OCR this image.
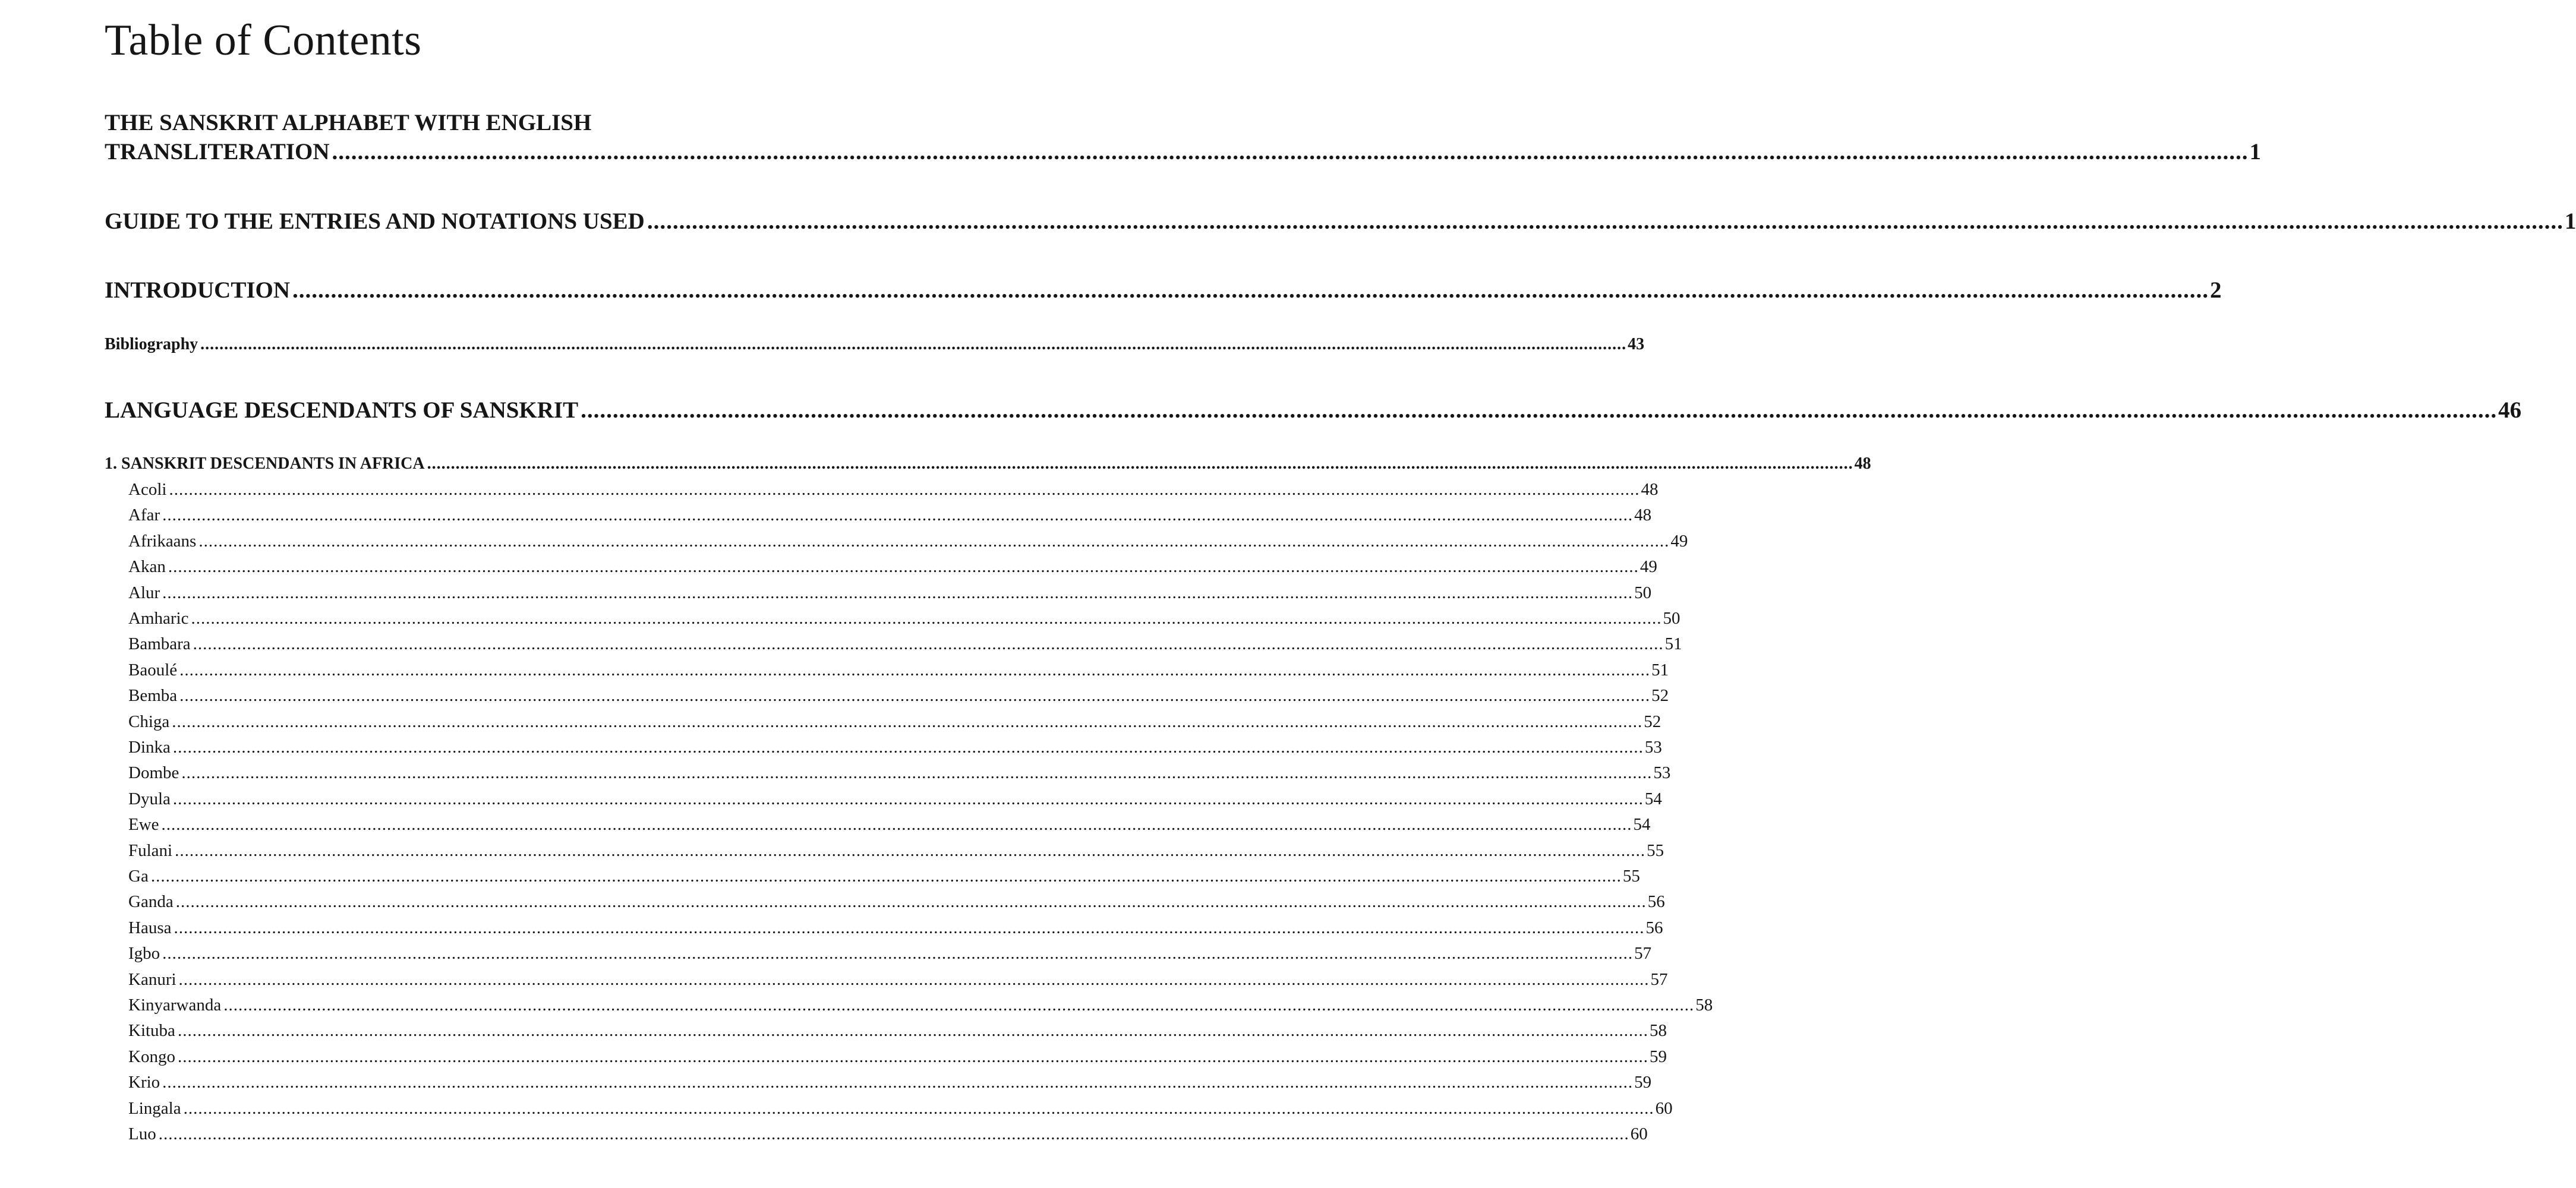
Table of Contents
THE SANSKRIT ALPHABET WITH ENGLISH
TRANSLITERATION ............................................................................................................................................................................................................................................................................................................ 1
GUIDE TO THE ENTRIES AND NOTATIONS USED ............................................................................................................................................................................................................................................................................................................ 1
INTRODUCTION ............................................................................................................................................................................................................................................................................................................ 2
Bibliography ............................................................................................................................................................................................................................................................................................................ 43
LANGUAGE DESCENDANTS OF SANSKRIT ............................................................................................................................................................................................................................................................................................................ 46
1. SANSKRIT DESCENDANTS IN AFRICA ............................................................................................................................................................................................................................................................................................................ 48
Acoli ............................................................................................................................................................................................................................................................................................................ 48
Afar ............................................................................................................................................................................................................................................................................................................ 48
Afrikaans ............................................................................................................................................................................................................................................................................................................ 49
Akan ............................................................................................................................................................................................................................................................................................................ 49
Alur ............................................................................................................................................................................................................................................................................................................ 50
Amharic ............................................................................................................................................................................................................................................................................................................ 50
Bambara ............................................................................................................................................................................................................................................................................................................ 51
Baoulé ............................................................................................................................................................................................................................................................................................................ 51
Bemba ............................................................................................................................................................................................................................................................................................................ 52
Chiga ............................................................................................................................................................................................................................................................................................................ 52
Dinka ............................................................................................................................................................................................................................................................................................................ 53
Dombe ............................................................................................................................................................................................................................................................................................................ 53
Dyula ............................................................................................................................................................................................................................................................................................................ 54
Ewe ............................................................................................................................................................................................................................................................................................................ 54
Fulani ............................................................................................................................................................................................................................................................................................................ 55
Ga ............................................................................................................................................................................................................................................................................................................ 55
Ganda ............................................................................................................................................................................................................................................................................................................ 56
Hausa ............................................................................................................................................................................................................................................................................................................ 56
Igbo ............................................................................................................................................................................................................................................................................................................ 57
Kanuri ............................................................................................................................................................................................................................................................................................................ 57
Kinyarwanda ............................................................................................................................................................................................................................................................................................................ 58
Kituba ............................................................................................................................................................................................................................................................................................................ 58
Kongo ............................................................................................................................................................................................................................................................................................................ 59
Krio ............................................................................................................................................................................................................................................................................................................ 59
Lingala ............................................................................................................................................................................................................................................................................................................ 60
Luo ............................................................................................................................................................................................................................................................................................................ 60
